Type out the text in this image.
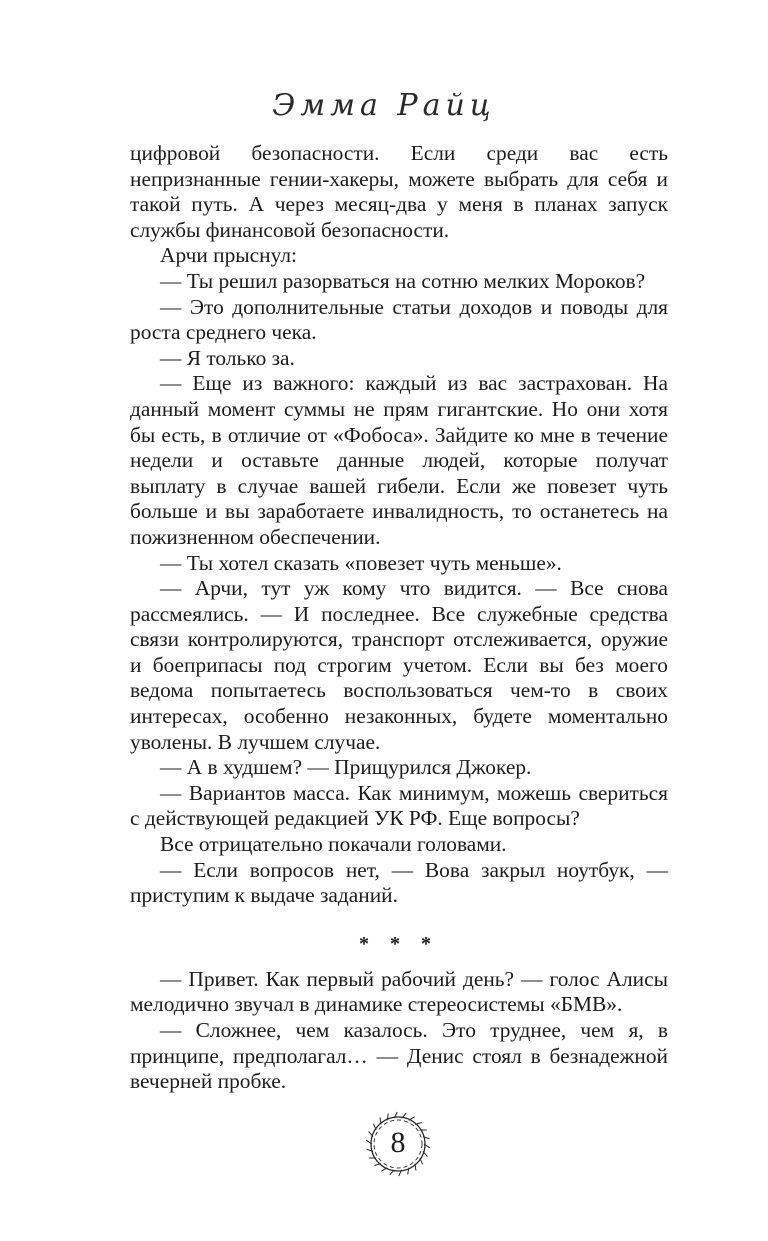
Эмма Райц

цифровой безопасности. Если среди вас есть непризнанные гении-хакеры, можете выбрать для себя и такой путь. А через месяц-два у меня в планах запуск службы финансовой безопасности.

Арчи прыснул:

— Ты решил разорваться на сотню мелких Мороков?

— Это дополнительные статьи доходов и поводы для роста среднего чека.

— Я только за.

— Еще из важного: каждый из вас застрахован. На данный момент суммы не прям гигантские. Но они хотя бы есть, в отличие от «Фобоса». Зайдите ко мне в течение недели и оставьте данные людей, которые получат выплату в случае вашей гибели. Если же повезет чуть больше и вы заработаете инвалидность, то останетесь на пожизненном обеспечении.

— Ты хотел сказать «повезет чуть меньше».

— Арчи, тут уж кому что видится. — Все снова рассмеялись. — И последнее. Все служебные средства связи контролируются, транспорт отслеживается, оружие и боеприпасы под строгим учетом. Если вы без моего ведома попытаетесь воспользоваться чем-то в своих интересах, особенно незаконных, будете моментально уволены. В лучшем случае.

— А в худшем? — Прищурился Джокер.

— Вариантов масса. Как минимум, можешь свериться с действующей редакцией УК РФ. Еще вопросы?

Все отрицательно покачали головами.

— Если вопросов нет, — Вова закрыл ноутбук, — приступим к выдаче заданий.

* * *

— Привет. Как первый рабочий день? — голос Алисы мелодично звучал в динамике стереосистемы «БМВ».

— Сложнее, чем казалось. Это труднее, чем я, в принципе, предполагал… — Денис стоял в безнадежной вечерней пробке.

8
